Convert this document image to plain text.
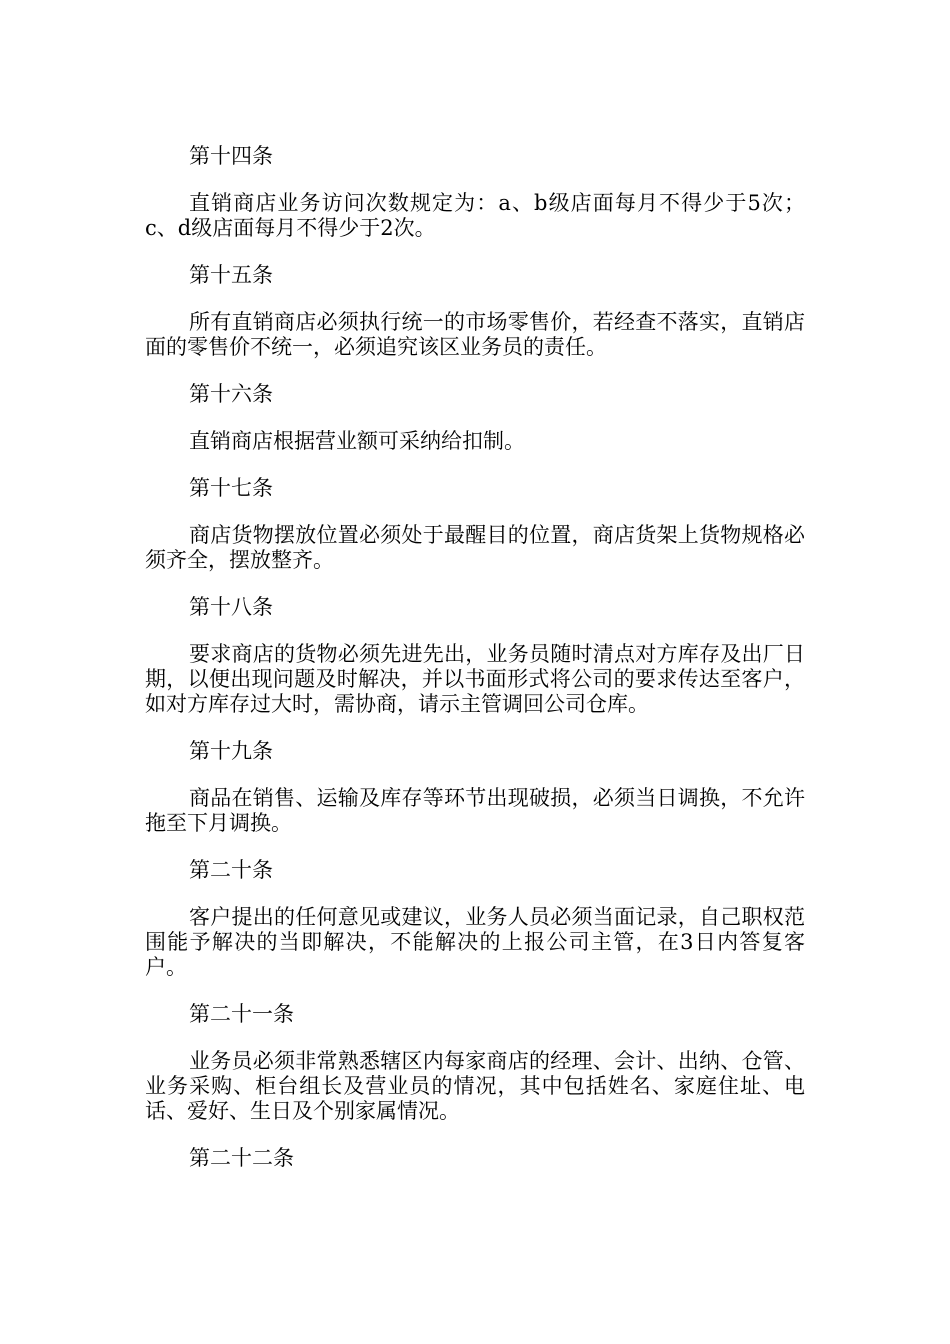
第十四条

直销商店业务访问次数规定为：a、b级店面每月不得少于5次；c、d级店面每月不得少于2次。

第十五条

所有直销商店必须执行统一的市场零售价，若经查不落实，直销店面的零售价不统一，必须追究该区业务员的责任。

第十六条

直销商店根据营业额可采纳给扣制。

第十七条

商店货物摆放位置必须处于最醒目的位置，商店货架上货物规格必须齐全，摆放整齐。

第十八条

要求商店的货物必须先进先出，业务员随时清点对方库存及出厂日期，以便出现问题及时解决，并以书面形式将公司的要求传达至客户，如对方库存过大时，需协商，请示主管调回公司仓库。

第十九条

商品在销售、运输及库存等环节出现破损，必须当日调换，不允许拖至下月调换。

第二十条

客户提出的任何意见或建议，业务人员必须当面记录，自己职权范围能予解决的当即解决，不能解决的上报公司主管，在3日内答复客户。

第二十一条

业务员必须非常熟悉辖区内每家商店的经理、会计、出纳、仓管、业务采购、柜台组长及营业员的情况，其中包括姓名、家庭住址、电话、爱好、生日及个别家属情况。

第二十二条
